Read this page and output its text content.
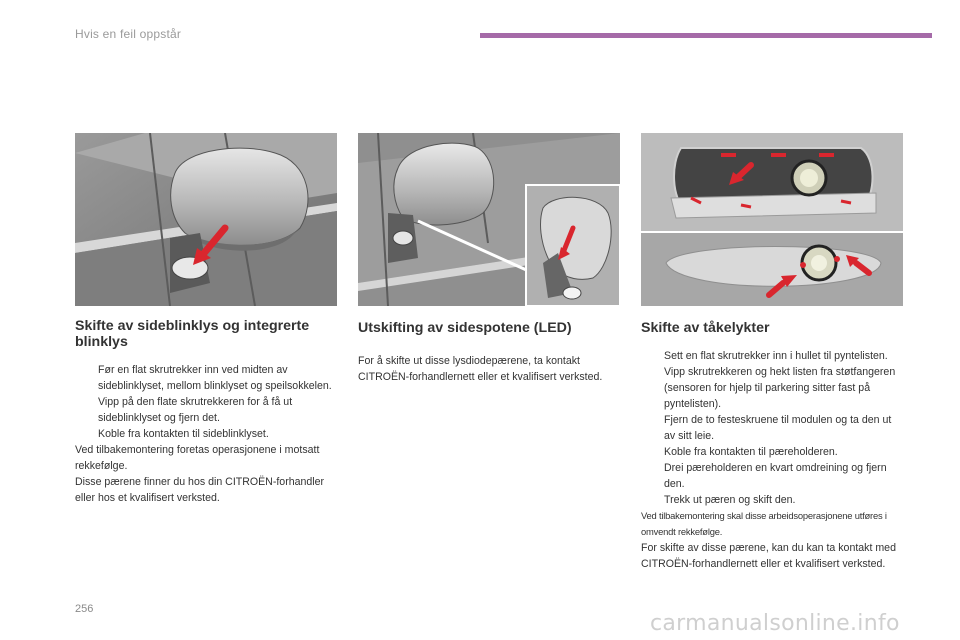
Hvis en feil oppstår
Skifte av sideblinklys og integrerte blinklys
Før en flat skrutrekker inn ved midten av sideblinklyset, mellom blinklyset og speilsokkelen.
Vipp på den flate skrutrekkeren for å få ut sideblinklyset og fjern det.
Koble fra kontakten til sideblinklyset.

Ved tilbakemontering foretas operasjonene i motsatt rekkefølge.

Disse pærene finner du hos din CITROËN-forhandler eller hos et kvalifisert verksted.

Utskifting av sidespotene (LED)

For å skifte ut disse lysdiodepærene, ta kontakt CITROËN-forhandlernett eller et kvalifisert verksted.

Skifte av tåkelykter
Sett en flat skrutrekker inn i hullet til pyntelisten.
Vipp skrutrekkeren og hekt listen fra støtfangeren (sensoren for hjelp til parkering sitter fast på pyntelisten).
Fjern de to festeskruene til modulen og ta den ut av sitt leie.
Koble fra kontakten til pæreholderen.
Drei pæreholderen en kvart omdreining og fjern den.
Trekk ut pæren og skift den.

Ved tilbakemontering skal disse arbeidsoperasjonene utføres i omvendt rekkefølge.

For skifte av disse pærene, kan du kan ta kontakt med CITROËN-forhandlernett eller et kvalifisert verksted.

256
carmanualsonline.info
